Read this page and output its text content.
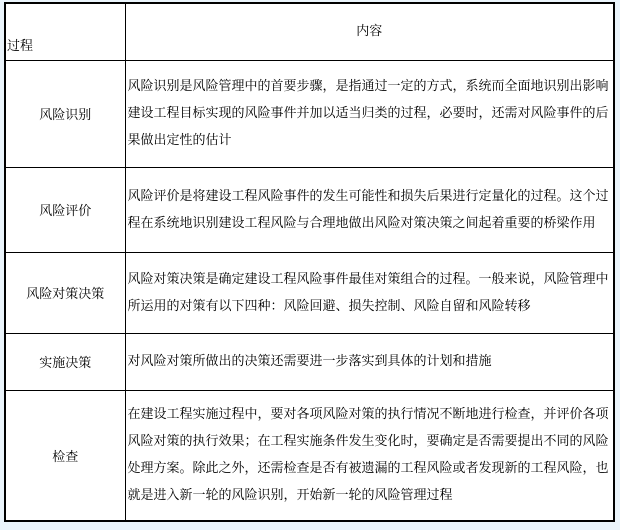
过程	内容
风险识别	风险识别是风险管理中的首要步骤，是指通过一定的方式，系统而全面地识别出影响建设工程目标实现的风险事件并加以适当归类的过程，必要时，还需对风险事件的后果做出定性的估计
风险评价	风险评价是将建设工程风险事件的发生可能性和损失后果进行定量化的过程。这个过程在系统地识别建设工程风险与合理地做出风险对策决策之间起着重要的桥梁作用
风险对策决策	风险对策决策是确定建设工程风险事件最佳对策组合的过程。一般来说，风险管理中所运用的对策有以下四种：风险回避、损失控制、风险自留和风险转移
实施决策	对风险对策所做出的决策还需要进一步落实到具体的计划和措施
检查	在建设工程实施过程中，要对各项风险对策的执行情况不断地进行检查，并评价各项风险对策的执行效果；在工程实施条件发生变化时，要确定是否需要提出不同的风险处理方案。除此之外，还需检查是否有被遗漏的工程风险或者发现新的工程风险，也就是进入新一轮的风险识别，开始新一轮的风险管理过程
